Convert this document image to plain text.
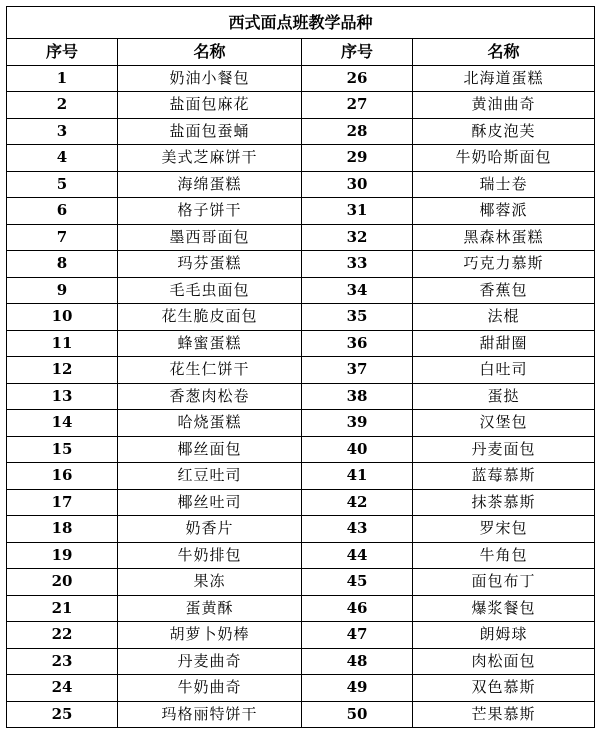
西式面点班教学品种			
序号	名称	序号	名称
1	奶油小餐包	26	北海道蛋糕
2	盐面包麻花	27	黄油曲奇
3	盐面包蚕蛹	28	酥皮泡芙
4	美式芝麻饼干	29	牛奶哈斯面包
5	海绵蛋糕	30	瑞士卷
6	格子饼干	31	椰蓉派
7	墨西哥面包	32	黑森林蛋糕
8	玛芬蛋糕	33	巧克力慕斯
9	毛毛虫面包	34	香蕉包
10	花生脆皮面包	35	法棍
11	蜂蜜蛋糕	36	甜甜圈
12	花生仁饼干	37	白吐司
13	香葱肉松卷	38	蛋挞
14	哈烧蛋糕	39	汉堡包
15	椰丝面包	40	丹麦面包
16	红豆吐司	41	蓝莓慕斯
17	椰丝吐司	42	抹茶慕斯
18	奶香片	43	罗宋包
19	牛奶排包	44	牛角包
20	果冻	45	面包布丁
21	蛋黄酥	46	爆浆餐包
22	胡萝卜奶棒	47	朗姆球
23	丹麦曲奇	48	肉松面包
24	牛奶曲奇	49	双色慕斯
25	玛格丽特饼干	50	芒果慕斯
